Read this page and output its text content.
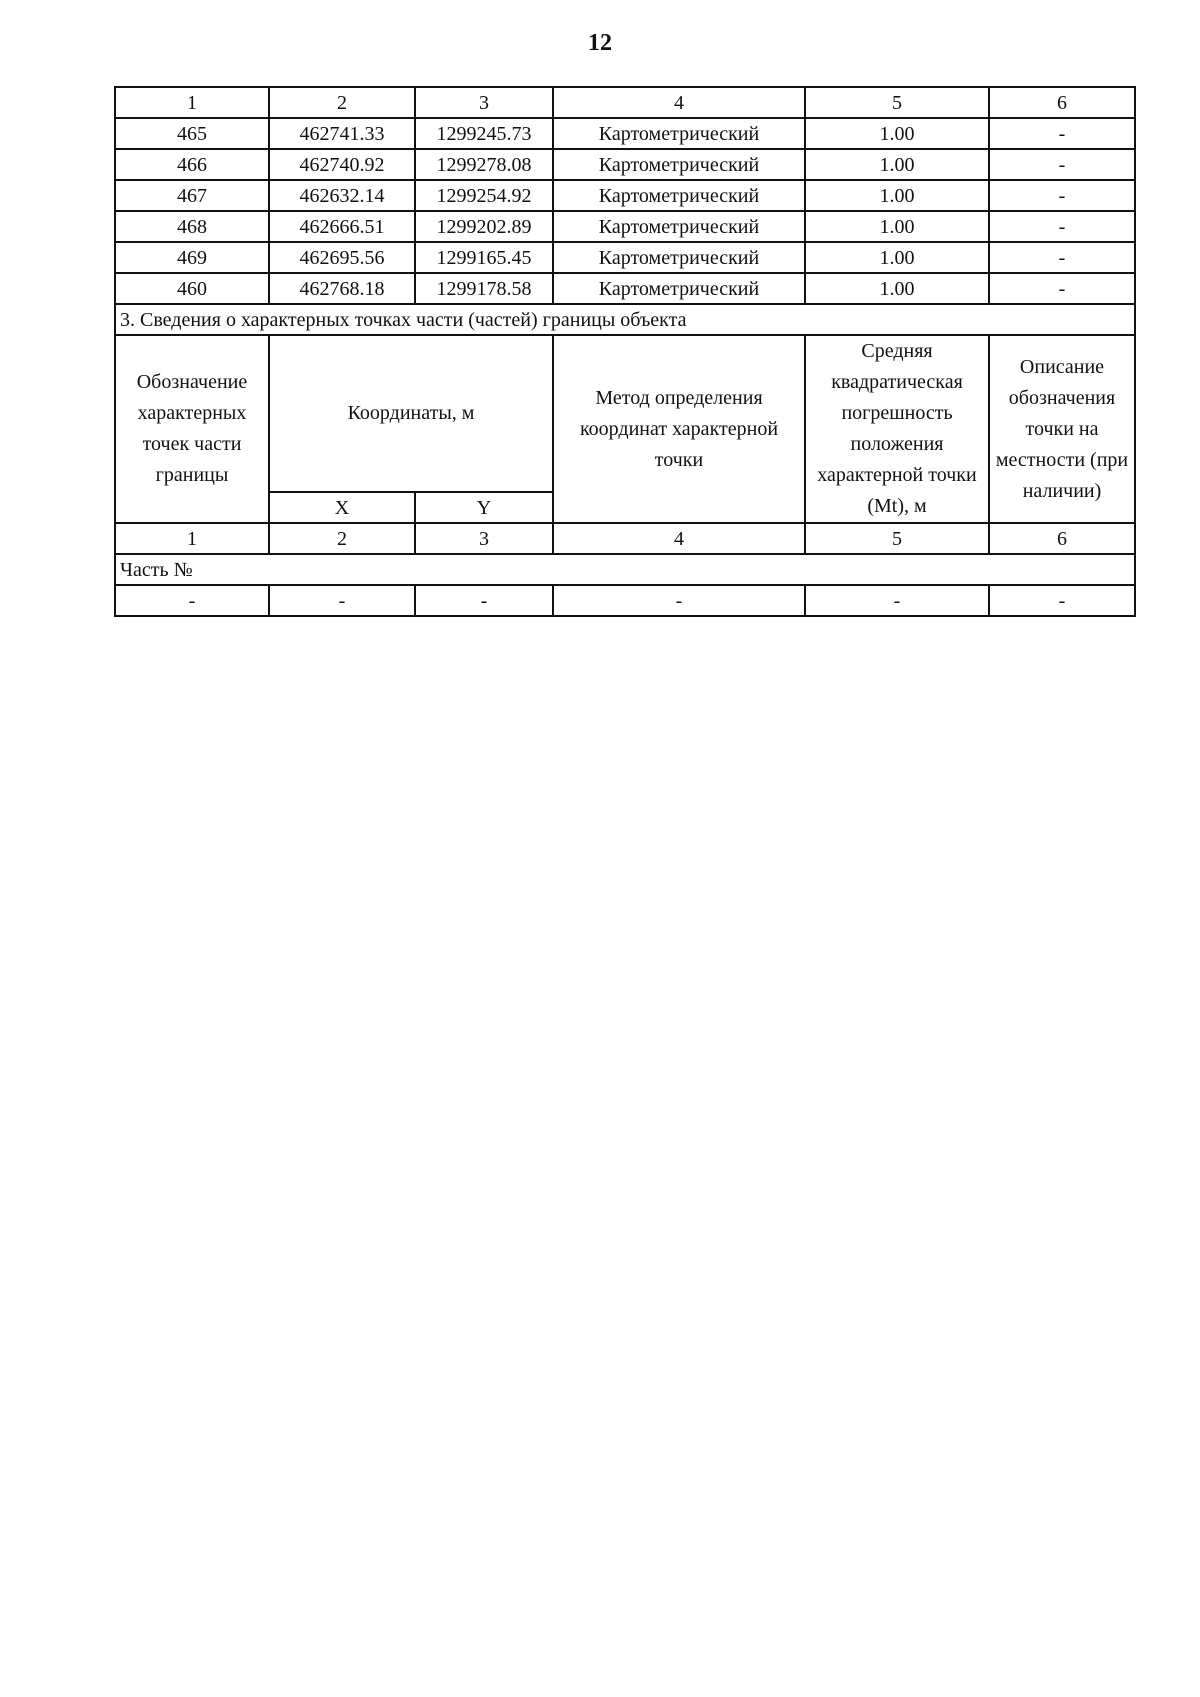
12
1	2	3	4	5	6
465	462741.33	1299245.73	Картометрический	1.00	-
466	462740.92	1299278.08	Картометрический	1.00	-
467	462632.14	1299254.92	Картометрический	1.00	-
468	462666.51	1299202.89	Картометрический	1.00	-
469	462695.56	1299165.45	Картометрический	1.00	-
460	462768.18	1299178.58	Картометрический	1.00	-
3. Сведения о характерных точках части (частей) границы объекта					
Обозначение характерных точек части границы	Координаты, м		Метод определения координат характерной точки	Средняя квадратическая погрешность положения характерной точки (Mt), м	Описание обозначения точки на местности (при наличии)
	X	Y			
1	2	3	4	5	6
Часть №					
-	-	-	-	-	-
